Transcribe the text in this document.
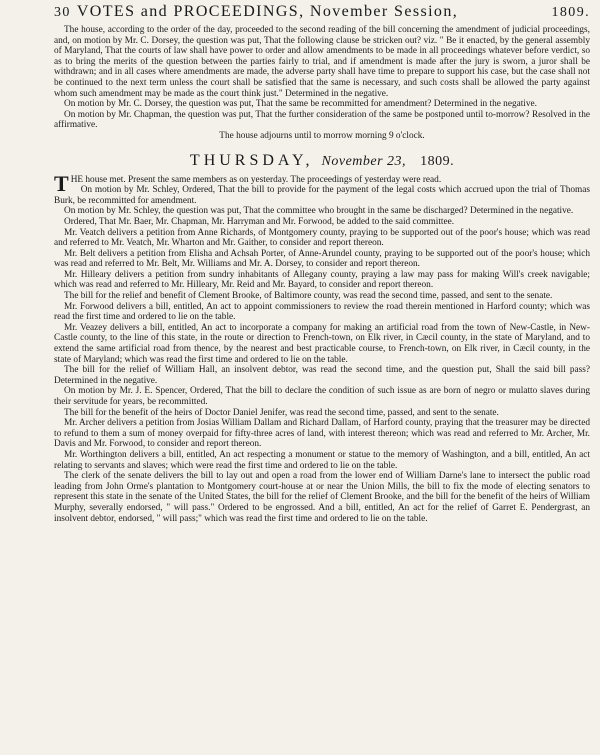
30 VOTES and PROCEEDINGS, November Session,	1809.

The house, according to the order of the day, proceeded to the second reading of the bill concerning the amendment of judicial proceedings, and, on motion by Mr. C. Dorsey, the question was put, That the following clause be stricken out? viz. " Be it enacted, by the general assembly of Maryland, That the courts of law shall have power to order and allow amendments to be made in all proceedings whatever before verdict, so as to bring the merits of the question between the parties fairly to trial, and if amendment is made after the jury is sworn, a juror shall be withdrawn; and in all cases where amendments are made, the adverse party shall have time to prepare to support his case, but the case shall not be continued to the next term unless the court shall be satisfied that the same is necessary, and such costs shall be allowed the party against whom such amendment may be made as the court think just." Determined in the negative.

On motion by Mr. C. Dorsey, the question was put, That the same be recommitted for amendment? Determined in the negative.

On motion by Mr. Chapman, the question was put, That the further consideration of the same be postponed until to-morrow? Resolved in the affirmative.

The house adjourns until to morrow morning 9 o'clock.

THURSDAY, November 23, 1809.

THE house met. Present the same members as on yesterday. The proceedings of yesterday were read.

On motion by Mr. Schley, Ordered, That the bill to provide for the payment of the legal costs which accrued upon the trial of Thomas Burk, be recommitted for amendment.

On motion by Mr. Schley, the question was put, That the committee who brought in the same be discharged? Determined in the negative.

Ordered, That Mr. Baer, Mr. Chapman, Mr. Harryman and Mr. Forwood, be added to the said committee.

Mr. Veatch delivers a petition from Anne Richards, of Montgomery county, praying to be supported out of the poor's house; which was read and referred to Mr. Veatch, Mr. Wharton and Mr. Gaither, to consider and report thereon.

Mr. Belt delivers a petition from Elisha and Achsah Porter, of Anne-Arundel county, praying to be supported out of the poor's house; which was read and referred to Mr. Belt, Mr. Williams and Mr. A. Dorsey, to consider and report thereon.

Mr. Hilleary delivers a petition from sundry inhabitants of Allegany county, praying a law may pass for making Will's creek navigable; which was read and referred to Mr. Hilleary, Mr. Reid and Mr. Bayard, to consider and report thereon.

The bill for the relief and benefit of Clement Brooke, of Baltimore county, was read the second time, passed, and sent to the senate.

Mr. Forwood delivers a bill, entitled, An act to appoint commissioners to review the road therein mentioned in Harford county; which was read the first time and ordered to lie on the table.

Mr. Veazey delivers a bill, entitled, An act to incorporate a company for making an artificial road from the town of New-Castle, in New-Castle county, to the line of this state, in the route or direction to French-town, on Elk river, in Cæcil county, in the state of Maryland, and to extend the same artificial road from thence, by the nearest and best practicable course, to French-town, on Elk river, in Cæcil county, in the state of Maryland; which was read the first time and ordered to lie on the table.

The bill for the relief of William Hall, an insolvent debtor, was read the second time, and the question put, Shall the said bill pass? Determined in the negative.

On motion by Mr. J. E. Spencer, Ordered, That the bill to declare the condition of such issue as are born of negro or mulatto slaves during their servitude for years, be recommitted.

The bill for the benefit of the heirs of Doctor Daniel Jenifer, was read the second time, passed, and sent to the senate.

Mr. Archer delivers a petition from Josias William Dallam and Richard Dallam, of Harford county, praying that the treasurer may be directed to refund to them a sum of money overpaid for fifty-three acres of land, with interest thereon; which was read and referred to Mr. Archer, Mr. Davis and Mr. Forwood, to consider and report thereon.

Mr. Worthington delivers a bill, entitled, An act respecting a monument or statue to the memory of Washington, and a bill, entitled, An act relating to servants and slaves; which were read the first time and ordered to lie on the table.

The clerk of the senate delivers the bill to lay out and open a road from the lower end of William Darne's lane to intersect the public road leading from John Orme's plantation to Montgomery court-house at or near the Union Mills, the bill to fix the mode of electing senators to represent this state in the senate of the United States, the bill for the relief of Clement Brooke, and the bill for the benefit of the heirs of William Murphy, severally endorsed, " will pass." Ordered to be engrossed. And a bill, entitled, An act for the relief of Garret E. Pendergrast, an insolvent debtor, endorsed, " will pass;" which was read the first time and ordered to lie on the table.
